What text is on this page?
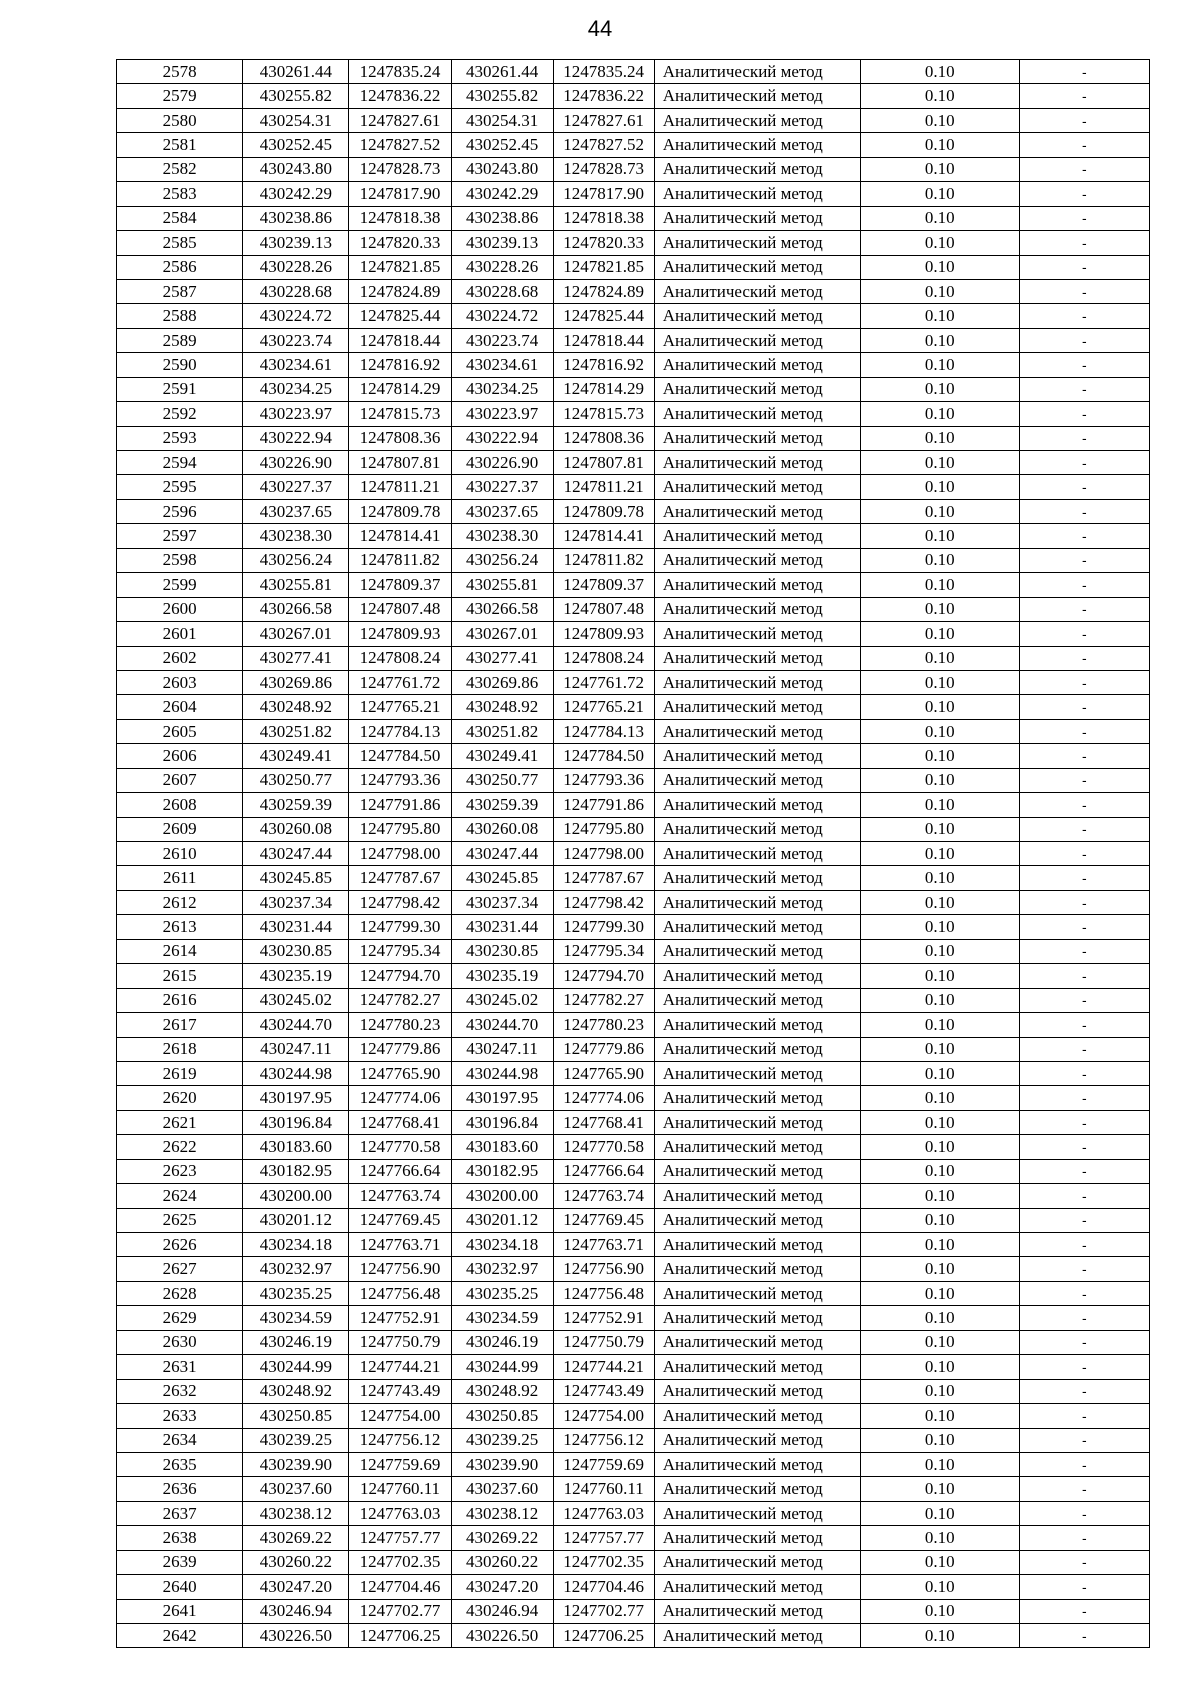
44
2578	430261.44	1247835.24	430261.44	1247835.24	Аналитический метод	0.10	-
2579	430255.82	1247836.22	430255.82	1247836.22	Аналитический метод	0.10	-
2580	430254.31	1247827.61	430254.31	1247827.61	Аналитический метод	0.10	-
2581	430252.45	1247827.52	430252.45	1247827.52	Аналитический метод	0.10	-
2582	430243.80	1247828.73	430243.80	1247828.73	Аналитический метод	0.10	-
2583	430242.29	1247817.90	430242.29	1247817.90	Аналитический метод	0.10	-
2584	430238.86	1247818.38	430238.86	1247818.38	Аналитический метод	0.10	-
2585	430239.13	1247820.33	430239.13	1247820.33	Аналитический метод	0.10	-
2586	430228.26	1247821.85	430228.26	1247821.85	Аналитический метод	0.10	-
2587	430228.68	1247824.89	430228.68	1247824.89	Аналитический метод	0.10	-
2588	430224.72	1247825.44	430224.72	1247825.44	Аналитический метод	0.10	-
2589	430223.74	1247818.44	430223.74	1247818.44	Аналитический метод	0.10	-
2590	430234.61	1247816.92	430234.61	1247816.92	Аналитический метод	0.10	-
2591	430234.25	1247814.29	430234.25	1247814.29	Аналитический метод	0.10	-
2592	430223.97	1247815.73	430223.97	1247815.73	Аналитический метод	0.10	-
2593	430222.94	1247808.36	430222.94	1247808.36	Аналитический метод	0.10	-
2594	430226.90	1247807.81	430226.90	1247807.81	Аналитический метод	0.10	-
2595	430227.37	1247811.21	430227.37	1247811.21	Аналитический метод	0.10	-
2596	430237.65	1247809.78	430237.65	1247809.78	Аналитический метод	0.10	-
2597	430238.30	1247814.41	430238.30	1247814.41	Аналитический метод	0.10	-
2598	430256.24	1247811.82	430256.24	1247811.82	Аналитический метод	0.10	-
2599	430255.81	1247809.37	430255.81	1247809.37	Аналитический метод	0.10	-
2600	430266.58	1247807.48	430266.58	1247807.48	Аналитический метод	0.10	-
2601	430267.01	1247809.93	430267.01	1247809.93	Аналитический метод	0.10	-
2602	430277.41	1247808.24	430277.41	1247808.24	Аналитический метод	0.10	-
2603	430269.86	1247761.72	430269.86	1247761.72	Аналитический метод	0.10	-
2604	430248.92	1247765.21	430248.92	1247765.21	Аналитический метод	0.10	-
2605	430251.82	1247784.13	430251.82	1247784.13	Аналитический метод	0.10	-
2606	430249.41	1247784.50	430249.41	1247784.50	Аналитический метод	0.10	-
2607	430250.77	1247793.36	430250.77	1247793.36	Аналитический метод	0.10	-
2608	430259.39	1247791.86	430259.39	1247791.86	Аналитический метод	0.10	-
2609	430260.08	1247795.80	430260.08	1247795.80	Аналитический метод	0.10	-
2610	430247.44	1247798.00	430247.44	1247798.00	Аналитический метод	0.10	-
2611	430245.85	1247787.67	430245.85	1247787.67	Аналитический метод	0.10	-
2612	430237.34	1247798.42	430237.34	1247798.42	Аналитический метод	0.10	-
2613	430231.44	1247799.30	430231.44	1247799.30	Аналитический метод	0.10	-
2614	430230.85	1247795.34	430230.85	1247795.34	Аналитический метод	0.10	-
2615	430235.19	1247794.70	430235.19	1247794.70	Аналитический метод	0.10	-
2616	430245.02	1247782.27	430245.02	1247782.27	Аналитический метод	0.10	-
2617	430244.70	1247780.23	430244.70	1247780.23	Аналитический метод	0.10	-
2618	430247.11	1247779.86	430247.11	1247779.86	Аналитический метод	0.10	-
2619	430244.98	1247765.90	430244.98	1247765.90	Аналитический метод	0.10	-
2620	430197.95	1247774.06	430197.95	1247774.06	Аналитический метод	0.10	-
2621	430196.84	1247768.41	430196.84	1247768.41	Аналитический метод	0.10	-
2622	430183.60	1247770.58	430183.60	1247770.58	Аналитический метод	0.10	-
2623	430182.95	1247766.64	430182.95	1247766.64	Аналитический метод	0.10	-
2624	430200.00	1247763.74	430200.00	1247763.74	Аналитический метод	0.10	-
2625	430201.12	1247769.45	430201.12	1247769.45	Аналитический метод	0.10	-
2626	430234.18	1247763.71	430234.18	1247763.71	Аналитический метод	0.10	-
2627	430232.97	1247756.90	430232.97	1247756.90	Аналитический метод	0.10	-
2628	430235.25	1247756.48	430235.25	1247756.48	Аналитический метод	0.10	-
2629	430234.59	1247752.91	430234.59	1247752.91	Аналитический метод	0.10	-
2630	430246.19	1247750.79	430246.19	1247750.79	Аналитический метод	0.10	-
2631	430244.99	1247744.21	430244.99	1247744.21	Аналитический метод	0.10	-
2632	430248.92	1247743.49	430248.92	1247743.49	Аналитический метод	0.10	-
2633	430250.85	1247754.00	430250.85	1247754.00	Аналитический метод	0.10	-
2634	430239.25	1247756.12	430239.25	1247756.12	Аналитический метод	0.10	-
2635	430239.90	1247759.69	430239.90	1247759.69	Аналитический метод	0.10	-
2636	430237.60	1247760.11	430237.60	1247760.11	Аналитический метод	0.10	-
2637	430238.12	1247763.03	430238.12	1247763.03	Аналитический метод	0.10	-
2638	430269.22	1247757.77	430269.22	1247757.77	Аналитический метод	0.10	-
2639	430260.22	1247702.35	430260.22	1247702.35	Аналитический метод	0.10	-
2640	430247.20	1247704.46	430247.20	1247704.46	Аналитический метод	0.10	-
2641	430246.94	1247702.77	430246.94	1247702.77	Аналитический метод	0.10	-
2642	430226.50	1247706.25	430226.50	1247706.25	Аналитический метод	0.10	-
